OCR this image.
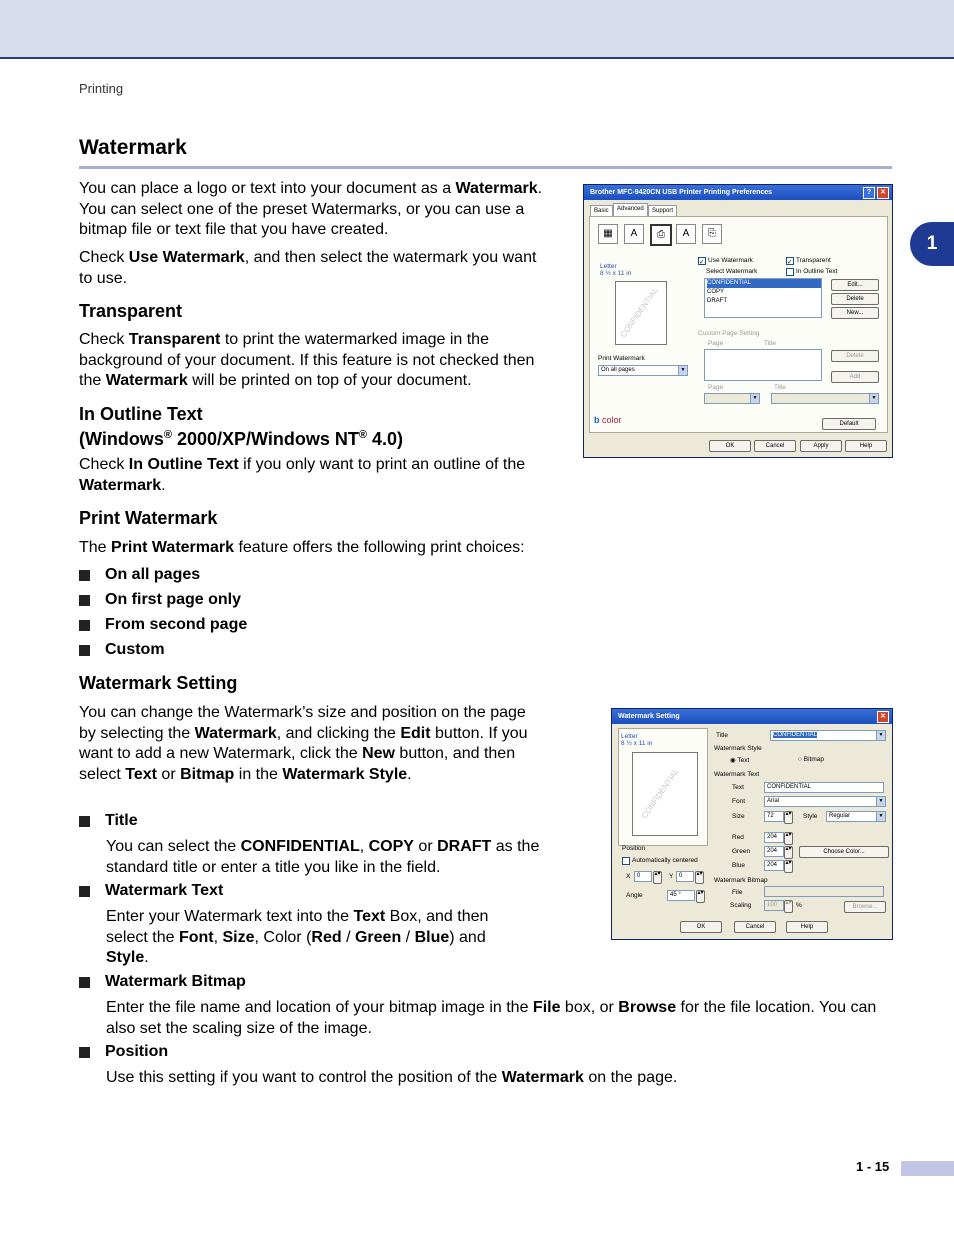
Printing
1
Watermark
You can place a logo or text into your document as a Watermark. You can select one of the preset Watermarks, or you can use a bitmap file or text file that you have created.
Check Use Watermark, and then select the watermark you want to use.
Transparent
Check Transparent to print the watermarked image in the background of your document. If this feature is not checked then the Watermark will be printed on top of your document.
In Outline Text
(Windows® 2000/XP/Windows NT® 4.0)
Check In Outline Text if you only want to print an outline of the Watermark.
Print Watermark
The Print Watermark feature offers the following print choices:
On all pages
On first page only
From second page
Custom
Watermark Setting
You can change the Watermark’s size and position on the page by selecting the Watermark, and clicking the Edit button. If you want to add a new Watermark, click the New button, and then select Text or Bitmap in the Watermark Style.
Title
You can select the CONFIDENTIAL, COPY or DRAFT as the standard title or enter a title you like in the field.
Watermark Text
Enter your Watermark text into the Text Box, and then select the Font, Size, Color (Red / Green / Blue) and Style.
Watermark Bitmap
Enter the file name and location of your bitmap image in the File box, or Browse for the file location. You can also set the scaling size of the image.
Position
Use this setting if you want to control the position of the Watermark on the page.
Brother MFC-9420CN USB Printer Printing Preferences	?	✕
Basic	Advanced	Support
▦	A	⎙	A	⎘
Letter
8 ½ x 11 in
CONFIDENTIAL
Print Watermark
On all pages	▼
✓ Use Watermark	✓ Transparent
Select Watermark	In Outline Text
CONFIDENTIAL
COPY
DRAFT
Edit...
Delete
New...
Custom Page Setting
Page	Title
Delete
Add
Page	Title
▼	▼
b color	Default
OK	Cancel	Apply	Help
Watermark Setting	✕
Letter
8 ½ x 11 in
CONFIDENTIAL
Title	CONFIDENTIAL	▼
Watermark Style
◉ Text	○ Bitmap
Watermark Text
Text	CONFIDENTIAL
Font	Arial	▼
Size	72	▴▾ Style	Regular	▼
Red	204	▴▾
Green	204	▴▾
Blue	204	▴▾
Choose Color...
Position
Automatically centered
X	0	▴▾ Y 0	▴▾
Angle	45 °	▴▾
Watermark Bitmap
File
Scaling	100	▴▾ %	Browse...
OK	Cancel	Help
1 - 15
